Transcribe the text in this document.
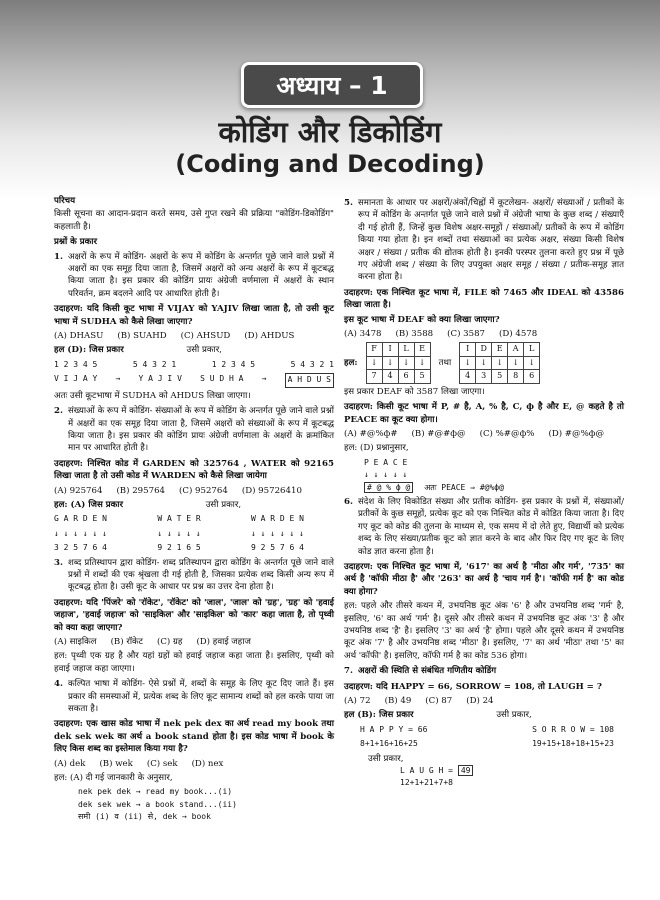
अध्याय – 1
कोडिंग और डिकोडिंग
(Coding and Decoding)
परिचय

किसी सूचना का आदान-प्रदान करते समय, उसे गुप्त रखने की प्रक्रिया "कोडिंग-डिकोडिंग" कहलाती है।

प्रश्नों के प्रकार
1. अक्षरों के रूप में कोडिंग- अक्षरों के रूप में कोडिंग के अन्तर्गत पूछे जाने वाले प्रश्नों में अक्षरों का एक समूह दिया जाता है, जिसमें अक्षरों को अन्य अक्षरों के रूप में कूटबद्ध किया जाता है। इस प्रकार की कोडिंग प्रायः अंग्रेजी वर्णमाला में अक्षरों के स्थान परिवर्तन, क्रम बदलने आदि पर आधारित होती है।
उदाहरण: यदि किसी कूट भाषा में VIJAY को YAJIV लिखा जाता है, तो उसी कूट भाषा में SUDHA को कैसे लिखा जाएगा?
(A) DHASU (B) SUAHD (C) AHSUD (D) AHDUS
हल (D): जिस प्रकार	उसी प्रकार,
1 2 3 4 5	5 4 3 2 1	1 2 3 4 5	5 4 3 2 1
V I J A Y → Y A J I V S U D H A →	A H D U S

अतः उसी कूटभाषा में SUDHA को AHDUS लिखा जाएगा।

2. संख्याओं के रूप में कोडिंग- संख्याओं के रूप में कोडिंग के अन्तर्गत पूछे जाने वाले प्रश्नों में अक्षरों का एक समूह दिया जाता है, जिसमें अक्षरों को संख्याओं के रूप में कूटबद्ध किया जाता है। इस प्रकार की कोडिंग प्रायः अंग्रेजी वर्णमाला के अक्षरों के क्रमांकित मान पर आधारित होती है।
उदाहरण: निश्चित कोड में GARDEN को 325764 , WATER को 92165 लिखा जाता है तो उसी कोड में WARDEN को कैसे लिखा जायेगा
(A) 925764 (B) 295764 (C) 952764 (D) 95726410
हल: (A) जिस प्रकार	उसी प्रकार,
G A R D E N	W A T E R	W A R D E N
↓ ↓ ↓ ↓ ↓ ↓	↓ ↓ ↓ ↓ ↓	↓ ↓ ↓ ↓ ↓ ↓
3 2 5 7 6 4	9 2 1 6 5	9 2 5 7 6 4
3. शब्द प्रतिस्थापन द्वारा कोडिंग- शब्द प्रतिस्थापन द्वारा कोडिंग के अन्तर्गत पूछे जाने वाले प्रश्नों में शब्दों की एक श्रृंखला दी गई होती है, जिसका प्रत्येक शब्द किसी अन्य रूप में कूटबद्ध होता है। उसी कूट के आधार पर प्रश्न का उत्तर देना होता है।
उदाहरण: यदि 'पिंजरे' को 'रॉकेट', 'रॉकेट' को 'जाल', 'जाल' को 'ग्रह', 'ग्रह' को 'हवाई जहाज', 'हवाई जहाज' को 'साइकिल' और 'साइकिल' को 'कार' कहा जाता है, तो पृथ्वी को क्या कहा जाएगा?
(A) साइकिल (B) रॉकेट (C) ग्रह (D) हवाई जहाज

हल: पृथ्वी एक ग्रह है और यहां ग्रहों को हवाई जहाज कहा जाता है। इसलिए, पृथ्वी को हवाई जहाज कहा जाएगा।

4. कल्पित भाषा में कोडिंग- ऐसे प्रश्नों में, शब्दों के समूह के लिए कूट दिए जाते हैं। इस प्रकार की समस्याओं में, प्रत्येक शब्द के लिए कूट सामान्य शब्दों को हल करके पाया जा सकता है।
उदाहरण: एक खास कोड भाषा में nek pek dex का अर्थ read my book तथा dek sek wek का अर्थ a book stand होता है। इस कोड भाषा में book के लिए किस शब्द का इस्तेमाल किया गया है?
(A) dek (B) wek (C) sek (D) nex
हल: (A) दी गई जानकारी के अनुसार,
nek pek dek → read my book...(i)
dek sek wek → a book stand...(ii)
समी (i) व (ii) से, dek → book
5. समानता के आधार पर अक्षरों/अंकों/चिह्नों में कूटलेखन- अक्षरों/ संख्याओं / प्रतीकों के रूप में कोडिंग के अन्तर्गत पूछे जाने वाले प्रश्नों में अंग्रेजी भाषा के कुछ शब्द / संख्याएँ दी गई होती हैं, जिन्हें कुछ विशेष अक्षर-समूहों / संख्याओं/ प्रतीकों के रूप में कोडिंग किया गया होता है। इन शब्दों तथा संख्याओं का प्रत्येक अक्षर, संख्या किसी विशेष अक्षर / संख्या / प्रतीक की द्योतक होती है। इनकी परस्पर तुलना करते हुए प्रश्न में पूछे गए अंग्रेजी शब्द / संख्या के लिए उपयुक्त अक्षर समूह / संख्या / प्रतीक-समूह ज्ञात करना होता है।
उदाहरण: एक निश्चित कूट भाषा में, FILE को 7465 और IDEAL को 43586 लिखा जाता है।
इस कूट भाषा में DEAF को क्या लिखा जाएगा?
(A) 3478 (B) 3588 (C) 3587 (D) 4578
हल:
F	I	L	E
↓	↓	↓	↓
7	4	6	5
तथा
I	D	E	A	L
↓	↓	↓	↓	↓
4	3	5	8	6

इस प्रकार DEAF को 3587 लिखा जाएगा।

उदाहरण: किसी कूट भाषा में P, # है, A, % है, C, ф है और E, @ कहते है तो PEACE का कूट क्या होगा।
(A) #@%ф# (B) #@#ф@ (C) %#@ф% (D) #@%ф@
हल: (D) प्रश्नानुसार,
P E A C E
↓ ↓ ↓ ↓ ↓
# @ % ф @ अतः PEACE ⇒ #@%ф@
6. संदेश के लिए विकोडित संख्या और प्रतीक कोडिंग- इस प्रकार के प्रश्नों में, संख्याओं/प्रतीकों के कुछ समूहों, प्रत्येक कूट को एक निश्चित कोड में कोडित किया जाता है। दिए गए कूट को कोड की तुलना के माध्यम से, एक समय में दो लेते हुए, विद्यार्थी को प्रत्येक शब्द के लिए संख्या/प्रतीक कूट को ज्ञात करने के बाद और फिर दिए गए कूट के लिए कोड ज्ञात करना होता है।
उदाहरण: एक निश्चित कूट भाषा में, '617' का अर्थ है 'मीठा और गर्म', '735' का अर्थ है 'कॉफी मीठा है' और '263' का अर्थ है 'चाय गर्म है'। 'कॉफी गर्म है' का कोड क्या होगा?

हल: पहले और तीसरे कथन में, उभयनिष्ठ कूट अंक '6' है और उभयनिष्ठ शब्द 'गर्म' है, इसलिए, '6' का अर्थ 'गर्म' है। दूसरे और तीसरे कथन में उभयनिष्ठ कूट अंक '3' है और उभयनिष्ठ शब्द 'है' है। इसलिए '3' का अर्थ 'है' होगा। पहले और दूसरे कथन में उभयनिष्ठ कूट अंक '7' है और उभयनिष्ठ शब्द 'मीठा' है। इसलिए, '7' का अर्थ 'मीठा' तथा '5' का अर्थ 'कॉफी' है। इसलिए, कॉफी गर्म है का कोड 536 होगा।

7. अक्षरों की स्थिति से संबंधित गणितीय कोडिंग
उदाहरण: यदि HAPPY = 66, SORROW = 108, तो LAUGH = ?
(A) 72 (B) 49 (C) 87 (D) 24
हल (B): जिस प्रकार	उसी प्रकार,
H A P P Y = 66	S O R R O W = 108
8+1+16+16+25	19+15+18+18+15+23
उसी प्रकार,
L A U G H = 49
12+1+21+7+8
